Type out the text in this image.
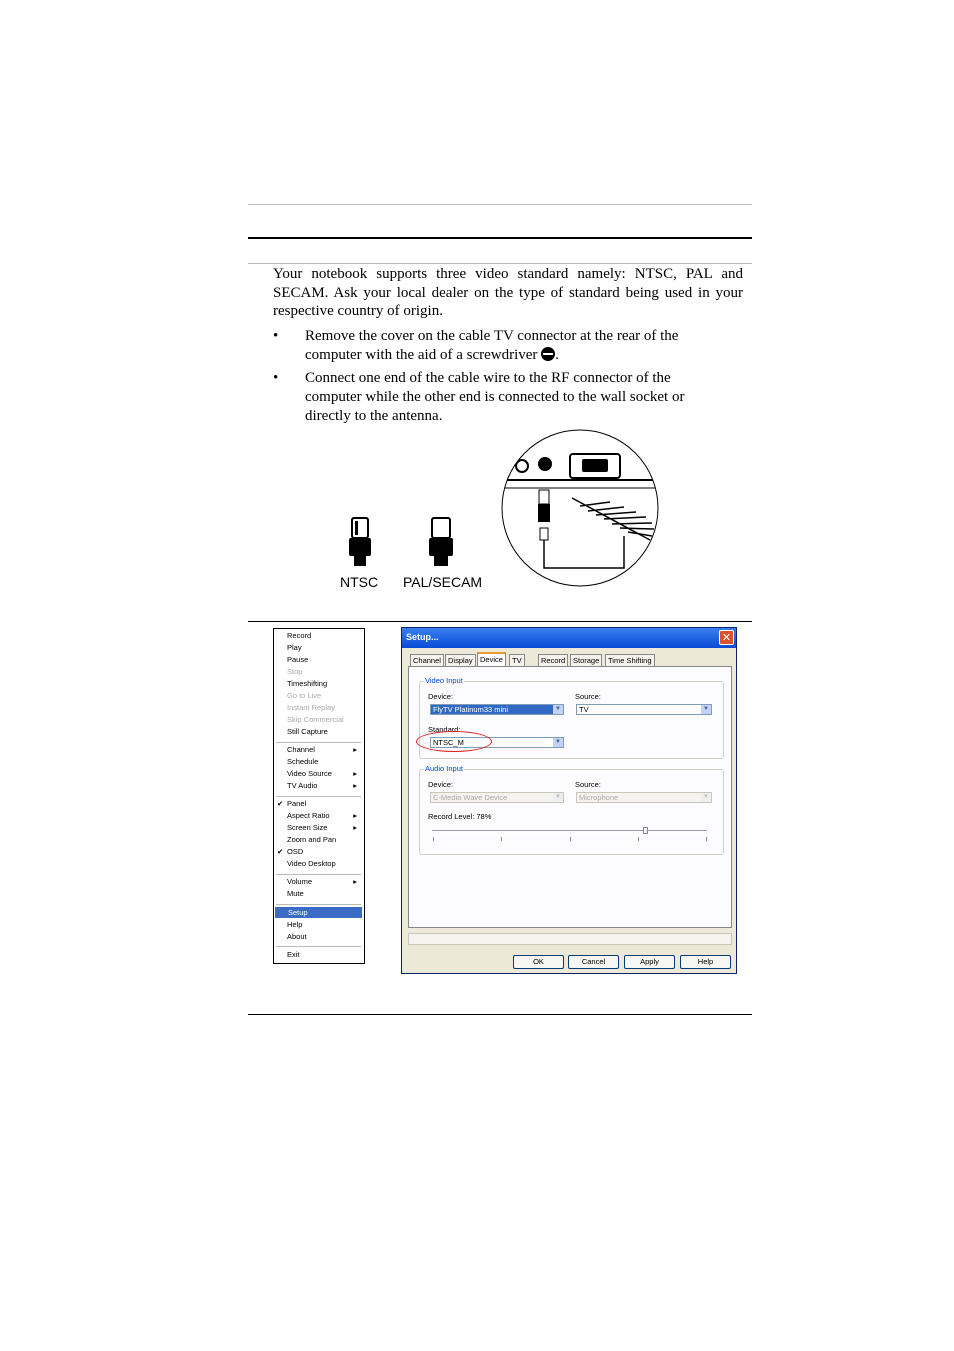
Your notebook supports three video standard namely: NTSC, PAL and SECAM. Ask your local dealer on the type of standard being used in your respective country of origin.
• Remove the cover on the cable TV connector at the rear of the computer with the aid of a screwdriver .
• Connect one end of the cable wire to the RF connector of the computer while the other end is connected to the wall socket or directly to the antenna.
NTSC PAL/SECAM
Record
Play
Pause
Stop
Timeshifting
Go to Live
Instant Replay
Skip Commercial
Still Capture
Channel	▸
Schedule
Video Source	▸
TV Audio	▸
✔ Panel
Aspect Ratio	▸
Screen Size	▸
Zoom and Pan
✔ OSD
Video Desktop
Volume	▸
Mute
Setup
Help
About
Exit
Setup...	✕
Channel Display Device	TV	Record	Storage	Time Shifting
Video Input
Device:
FlyTV Platinum33 mini	▼
Source:
TV	▼
Standard:
NTSC_M	▼
Audio Input
Device:
C-Media Wave Device	▼
Source:
Microphone	▼
Record Level: 78%
OK	Cancel	Apply	Help
